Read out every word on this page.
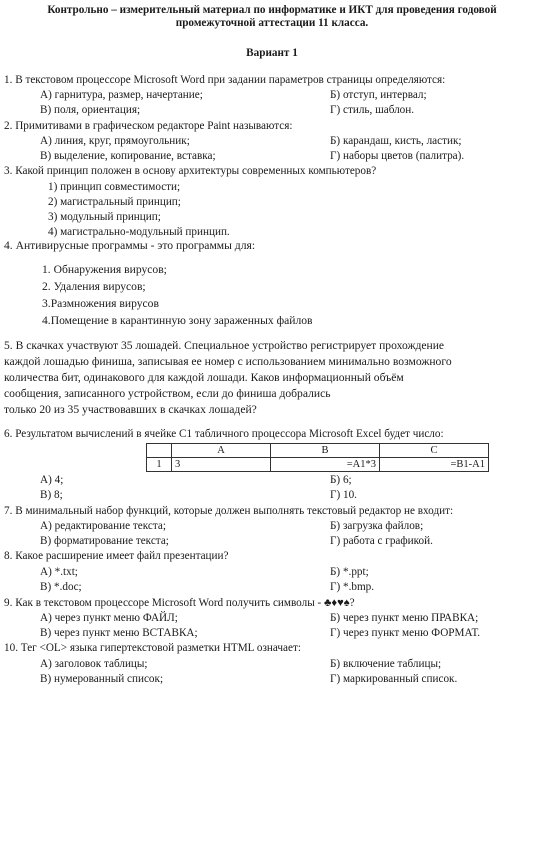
Контрольно – измерительный материал по информатике и ИКТ для проведения годовой
промежуточной аттестации 11 класса.
Вариант 1
1. В текстовом процессоре Microsoft Word при задании параметров страницы определяются:
А) гарнитура, размер, начертание;	Б) отступ, интервал;
В) поля, ориентация;	Г) стиль, шаблон.
2. Примитивами в графическом редакторе Paint называются:
А) линия, круг, прямоугольник;	Б) карандаш, кисть, ластик;
В) выделение, копирование, вставка;	Г) наборы цветов (палитра).
3. Какой принцип положен в основу архитектуры современных компьютеров?
1) принцип совместимости;
2) магистральный принцип;
3) модульный принцип;
4) магистрально-модульный принцип.
4. Антивирусные программы - это программы для:
1. Обнаружения вирусов;
2. Удаления вирусов;
3.Размножения вирусов
4.Помещение в карантинную зону зараженных файлов
5. В скачках участвуют 35 лошадей. Специальное устройство регистрирует прохождение
каждой лошадью финиша, записывая ее номер с использованием минимально возможного
количества бит, одинакового для каждой лошади. Каков информационный объём
сообщения, записанного устройством, если до финиша добрались
только 20 из 35 участвовавших в скачках лошадей?
6. Результатом вычислений в ячейке С1 табличного процессора Microsoft Excel будет число:
	A	B	C
1	3	=A1*3	=B1-A1
А) 4;	Б) 6;
В) 8;	Г) 10.
7. В минимальный набор функций, которые должен выполнять текстовый редактор не входит:
А) редактирование текста;	Б) загрузка файлов;
В) форматирование текста;	Г) работа с графикой.
8. Какое расширение имеет файл презентации?
А) *.txt;	Б) *.ppt;
В) *.doc;	Г) *.bmp.
9. Как в текстовом процессоре Microsoft Word получить символы - ♣♦♥♠?
А) через пункт меню ФАЙЛ;	Б) через пункт меню ПРАВКА;
В) через пункт меню ВСТАВКА;	Г) через пункт меню ФОРМАТ.
10. Тег <OL> языка гипертекстовой разметки HTML означает:
А) заголовок таблицы;	Б) включение таблицы;
В) нумерованный список;	Г) маркированный список.
